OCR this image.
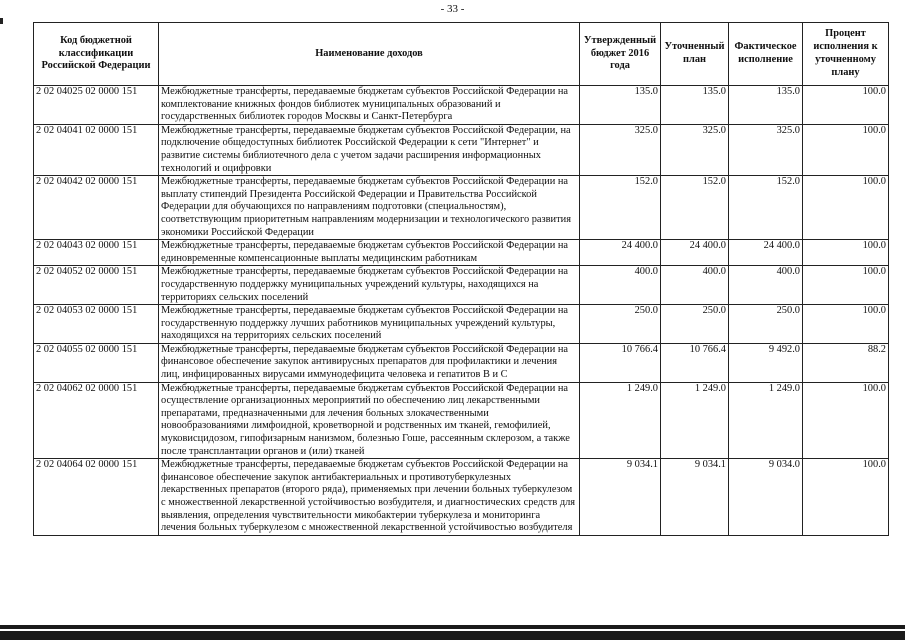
- 33 -
Код бюджетной классификации Российской Федерации	Наименование доходов	Утвержденный бюджет 2016 года	Уточненный план	Фактическое исполнение	Процент исполнения к уточненному плану
2 02 04025 02 0000 151	Межбюджетные трансферты, передаваемые бюджетам субъектов Российской Федерации на комплектование книжных фондов библиотек муниципальных образований и государственных библиотек городов Москвы и Санкт-Петербурга	135.0	135.0	135.0	100.0
2 02 04041 02 0000 151	Межбюджетные трансферты, передаваемые бюджетам субъектов Российской Федерации, на подключение общедоступных библиотек Российской Федерации к сети "Интернет" и развитие системы библиотечного дела с учетом задачи расширения информационных технологий и оцифровки	325.0	325.0	325.0	100.0
2 02 04042 02 0000 151	Межбюджетные трансферты, передаваемые бюджетам субъектов Российской Федерации на выплату стипендий Президента Российской Федерации и Правительства Российской Федерации для обучающихся по направлениям подготовки (специальностям), соответствующим приоритетным направлениям модернизации и технологического развития экономики Российской Федерации	152.0	152.0	152.0	100.0
2 02 04043 02 0000 151	Межбюджетные трансферты, передаваемые бюджетам субъектов Российской Федерации на единовременные компенсационные выплаты медицинским работникам	24 400.0	24 400.0	24 400.0	100.0
2 02 04052 02 0000 151	Межбюджетные трансферты, передаваемые бюджетам субъектов Российской Федерации на государственную поддержку муниципальных учреждений культуры, находящихся на территориях сельских поселений	400.0	400.0	400.0	100.0
2 02 04053 02 0000 151	Межбюджетные трансферты, передаваемые бюджетам субъектов Российской Федерации на государственную поддержку лучших работников муниципальных учреждений культуры, находящихся на территориях сельских поселений	250.0	250.0	250.0	100.0
2 02 04055 02 0000 151	Межбюджетные трансферты, передаваемые бюджетам субъектов Российской Федерации на финансовое обеспечение закупок антивирусных препаратов для профилактики и лечения лиц, инфицированных вирусами иммунодефицита человека и гепатитов В и С	10 766.4	10 766.4	9 492.0	88.2
2 02 04062 02 0000 151	Межбюджетные трансферты, передаваемые бюджетам субъектов Российской Федерации на осуществление организационных мероприятий по обеспечению лиц лекарственными препаратами, предназначенными для лечения больных злокачественными новообразованиями лимфоидной, кроветворной и родственных им тканей, гемофилией, муковисцидозом, гипофизарным нанизмом, болезнью Гоше, рассеянным склерозом, а также после трансплантации органов и (или) тканей	1 249.0	1 249.0	1 249.0	100.0
2 02 04064 02 0000 151	Межбюджетные трансферты, передаваемые бюджетам субъектов Российской Федерации на финансовое обеспечение закупок антибактериальных и противотуберкулезных лекарственных препаратов (второго ряда), применяемых при лечении больных туберкулезом с множественной лекарственной устойчивостью возбудителя, и диагностических средств для выявления, определения чувствительности микобактерии туберкулеза и мониторинга лечения больных туберкулезом с множественной лекарственной устойчивостью возбудителя	9 034.1	9 034.1	9 034.0	100.0
